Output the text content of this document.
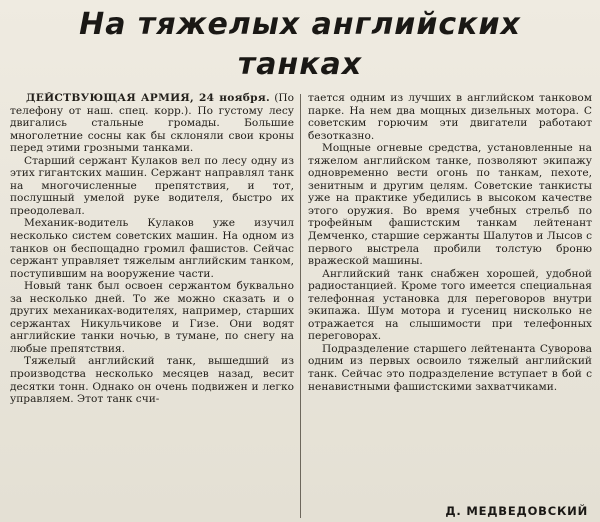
На тяжелых английских
танках

ДЕЙСТВУЮЩАЯ АРМИЯ, 24 ноября. (По телефону от наш. спец. корр.). По густому лесу двигались стальные громады. Большие многолетние сосны как бы склоняли свои кроны перед этими грозными танками.

Старший сержант Кулаков вел по лесу одну из этих гигантских машин. Сержант направлял танк на многочисленные препятствия, и тот, послушный умелой руке водителя, быстро их преодолевал.

Механик-водитель Кулаков уже изучил несколько систем советских машин. На одном из танков он беспощадно громил фашистов. Сейчас сержант управляет тяжелым английским танком, поступившим на вооружение части.

Новый танк был освоен сержантом буквально за несколько дней. То же можно сказать и о других механиках-водителях, например, старших сержантах Никульчикове и Гизе. Они водят английские танки ночью, в тумане, по снегу на любые препятствия.

Тяжелый английский танк, вышедший из производства несколько месяцев назад, весит десятки тонн. Однако он очень подвижен и легко управляем. Этот танк счи-

тается одним из лучших в английском танковом парке. На нем два мощных дизельных мотора. С советским горючим эти двигатели работают безотказно.

Мощные огневые средства, установленные на тяжелом английском танке, позволяют экипажу одновременно вести огонь по танкам, пехоте, зенитным и другим целям. Советские танкисты уже на практике убедились в высоком качестве этого оружия. Во время учебных стрельб по трофейным фашистским танкам лейтенант Демченко, старшие сержанты Шалутов и Лысов с первого выстрела пробили толстую броню вражеской машины.

Английский танк снабжен хорошей, удобной радиостанцией. Кроме того имеется специальная телефонная установка для переговоров внутри экипажа. Шум мотора и гусениц нисколько не отражается на слышимости при телефонных переговорах.

Подразделение старшего лейтенанта Суворова одним из первых освоило тяжелый английский танк. Сейчас это подразделение вступает в бой с ненавистными фашистскими захватчиками.

Д. МЕДВЕДОВСКИЙ
